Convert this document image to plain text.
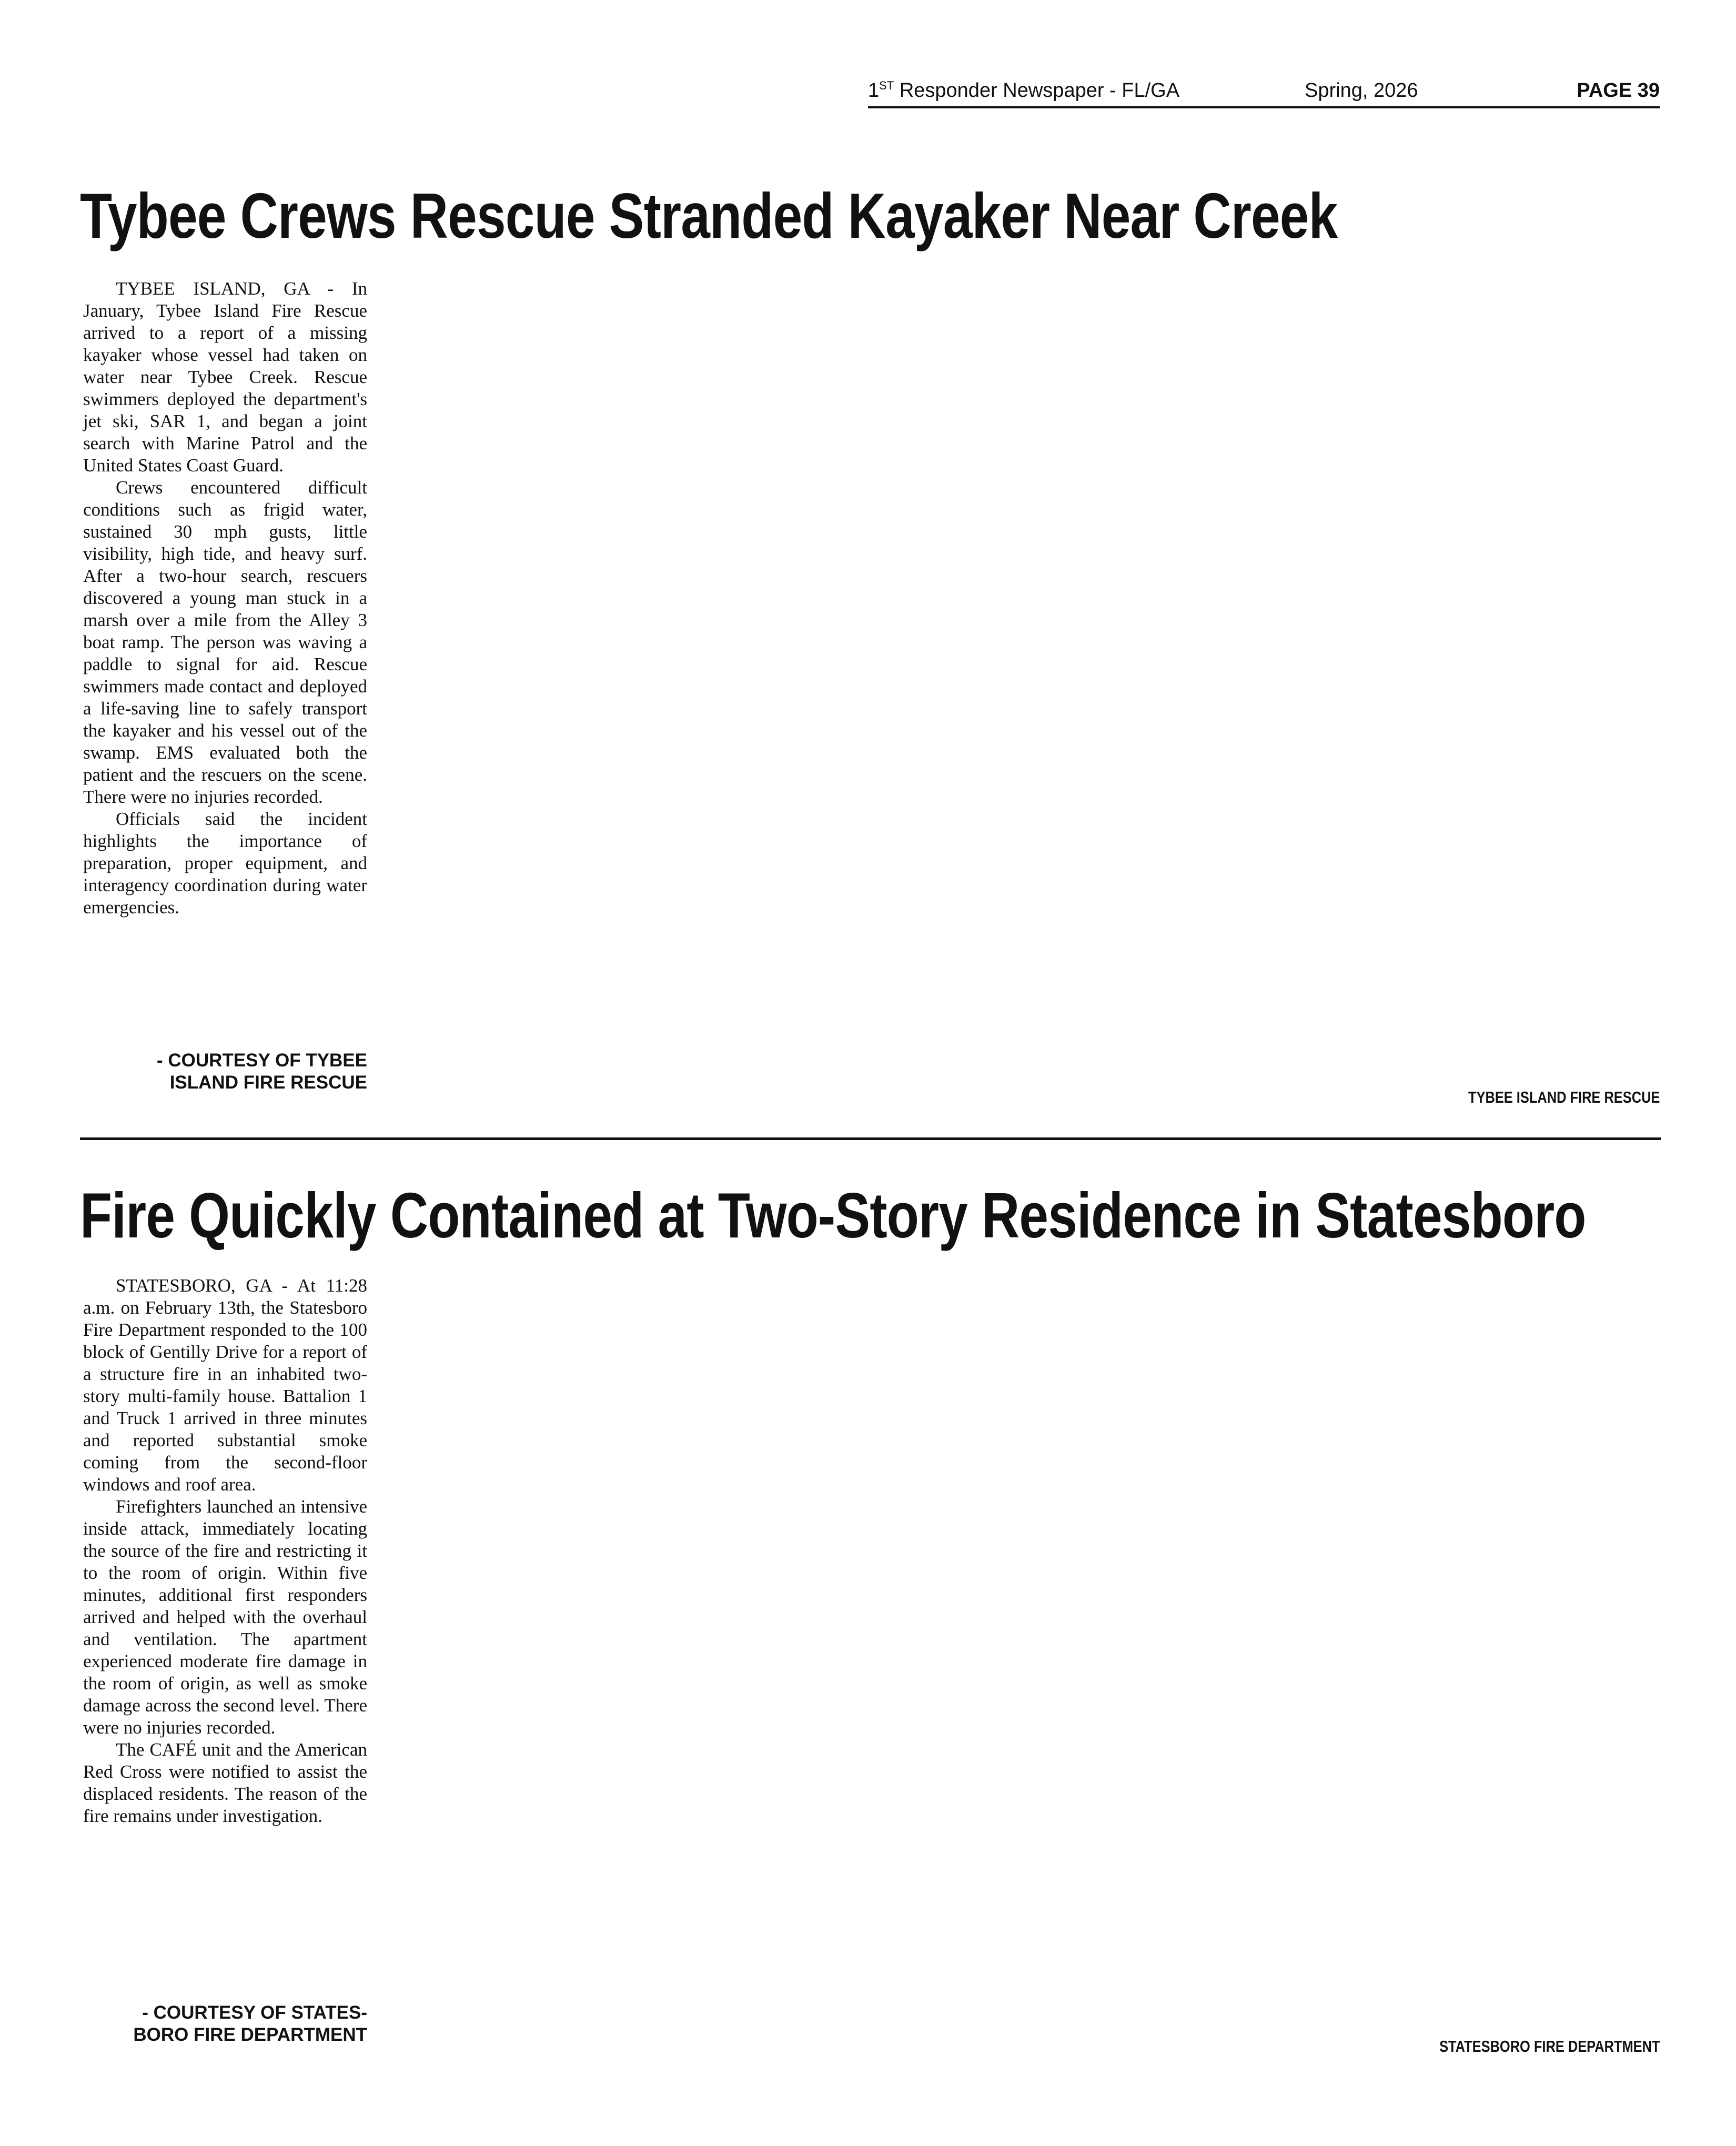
1ST Responder Newspaper - FL/GA	Spring, 2026	PAGE 39
Tybee Crews Rescue Stranded Kayaker Near Creek

TYBEE ISLAND, GA - In January, Tybee Island Fire Rescue arrived to a report of a missing kayaker whose vessel had taken on water near Tybee Creek. Rescue swimmers deployed the department's jet ski, SAR 1, and began a joint search with Marine Patrol and the United States Coast Guard.

Crews encountered difficult conditions such as frigid water, sustained 30 mph gusts, little visibility, high tide, and heavy surf. After a two-hour search, rescuers discovered a young man stuck in a marsh over a mile from the Alley 3 boat ramp. The person was waving a paddle to signal for aid. Rescue swimmers made contact and deployed a life-saving line to safely transport the kayaker and his vessel out of the swamp. EMS evaluated both the patient and the rescuers on the scene. There were no injuries recorded.

Officials said the incident highlights the importance of preparation, proper equipment, and interagency coordination during water emergencies.

- COURTESY OF TYBEE
ISLAND FIRE RESCUE
TYBEE ISLAND FIRE RESCUE
Fire Quickly Contained at Two-Story Residence in Statesboro

STATESBORO, GA - At 11:28 a.m. on February 13th, the Statesboro Fire Department responded to the 100 block of Gentilly Drive for a report of a structure fire in an inhabited two-story multi-family house. Battalion 1 and Truck 1 arrived in three minutes and reported substantial smoke coming from the second-floor windows and roof area.

Firefighters launched an intensive inside attack, immediately locating the source of the fire and restricting it to the room of origin. Within five minutes, additional first responders arrived and helped with the overhaul and ventilation. The apartment experienced moderate fire damage in the room of origin, as well as smoke damage across the second level. There were no injuries recorded.

The CAFÉ unit and the American Red Cross were notified to assist the displaced residents. The reason of the fire remains under investigation.

- COURTESY OF STATES-
BORO FIRE DEPARTMENT
STATESBORO FIRE DEPARTMENT
